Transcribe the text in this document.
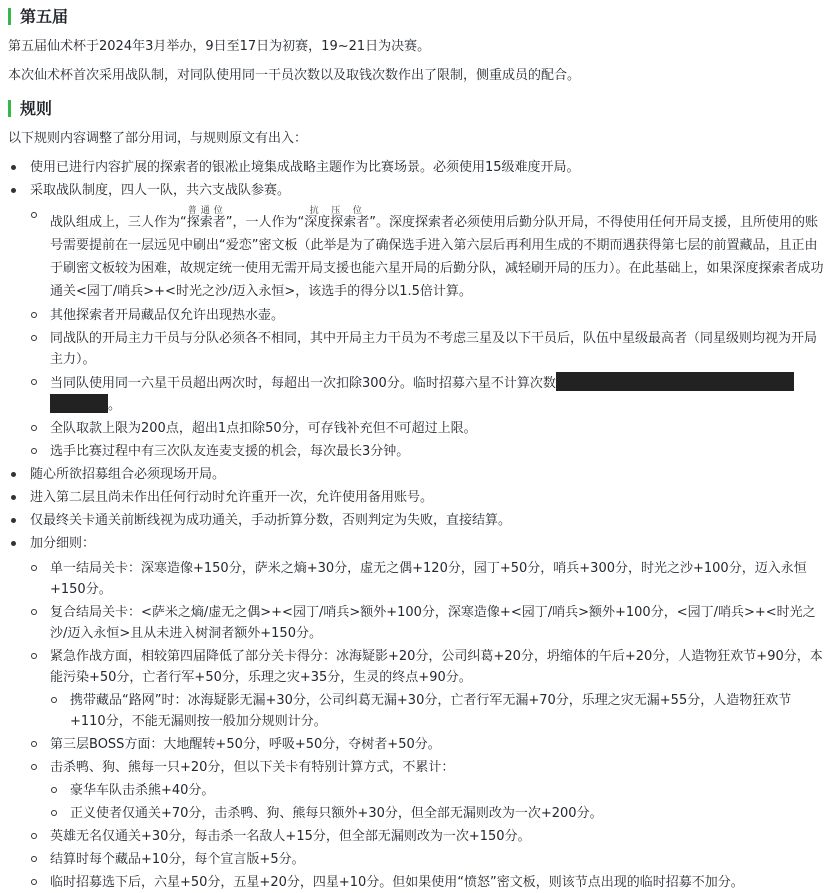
第五届

第五届仙术杯于2024年3月举办，9日至17日为初赛，19~21日为决赛。

本次仙术杯首次采用战队制，对同队使用同一干员次数以及取钱次数作出了限制，侧重成员的配合。

规则

以下规则内容调整了部分用词，与规则原文有出入：

使用已进行内容扩展的探索者的银凇止境集成战略主题作为比赛场景。必须使用15级难度开局。
采取战队制度，四人一队，共六支战队参赛。
战队组成上，三人作为“探索者普通位”，一人作为“深度探索者抗压位”。深度探索者必须使用后勤分队开局，不得使用任何开局支援，且所使用的账号需要提前在一层远见中刷出“爱恋”密文板（此举是为了确保选手进入第六层后再利用生成的不期而遇获得第七层的前置藏品，且正由于刷密文板较为困难，故规定统一使用无需开局支援也能六星开局的后勤分队，减轻刷开局的压力）。在此基础上，如果深度探索者成功通关<园丁/哨兵>+<时光之沙/迈入永恒>，该选手的得分以1.5倍计算。
其他探索者开局藏品仅允许出现热水壶。
同战队的开局主力干员与分队必须各不相同，其中开局主力干员为不考虑三星及以下干员后，队伍中星级最高者（同星级则均视为开局主力）。
当同队使用同一六星干员超出两次时，每超出一次扣除300分。临时招募六星不计算次数
。
全队取款上限为200点，超出1点扣除50分，可存钱补充但不可超过上限。
选手比赛过程中有三次队友连麦支援的机会，每次最长3分钟。
随心所欲招募组合必须现场开局。
进入第二层且尚未作出任何行动时允许重开一次，允许使用备用账号。
仅最终关卡通关前断线视为成功通关，手动折算分数，否则判定为失败，直接结算。
加分细则：
单一结局关卡：深寒造像+150分，萨米之熵+30分，虚无之偶+120分，园丁+50分，哨兵+300分，时光之沙+100分，迈入永恒+150分。
复合结局关卡：<萨米之熵/虚无之偶>+<园丁/哨兵>额外+100分，深寒造像+<园丁/哨兵>额外+100分，<园丁/哨兵>+<时光之沙/迈入永恒>且从未进入树洞者额外+150分。
紧急作战方面，相较第四届降低了部分关卡得分：冰海疑影+20分，公司纠葛+20分，坍缩体的午后+20分，人造物狂欢节+90分，本能污染+50分，亡者行军+50分，乐理之灾+35分，生灵的终点+90分。
携带藏品“路网”时：冰海疑影无漏+30分，公司纠葛无漏+30分，亡者行军无漏+70分，乐理之灾无漏+55分，人造物狂欢节+110分，不能无漏则按一般加分规则计分。
第三层BOSS方面：大地醒转+50分，呼吸+50分，夺树者+50分。
击杀鸭、狗、熊每一只+20分，但以下关卡有特别计算方式，不累计：
豪华车队击杀熊+40分。
正义使者仅通关+70分，击杀鸭、狗、熊每只额外+30分，但全部无漏则改为一次+200分。
英雄无名仅通关+30分，每击杀一名敌人+15分，但全部无漏则改为一次+150分。
结算时每个藏品+10分，每个宣言版+5分。
临时招募选下后，六星+50分，五星+20分，四星+10分。但如果使用“愤怒”密文板，则该节点出现的临时招募不加分。
